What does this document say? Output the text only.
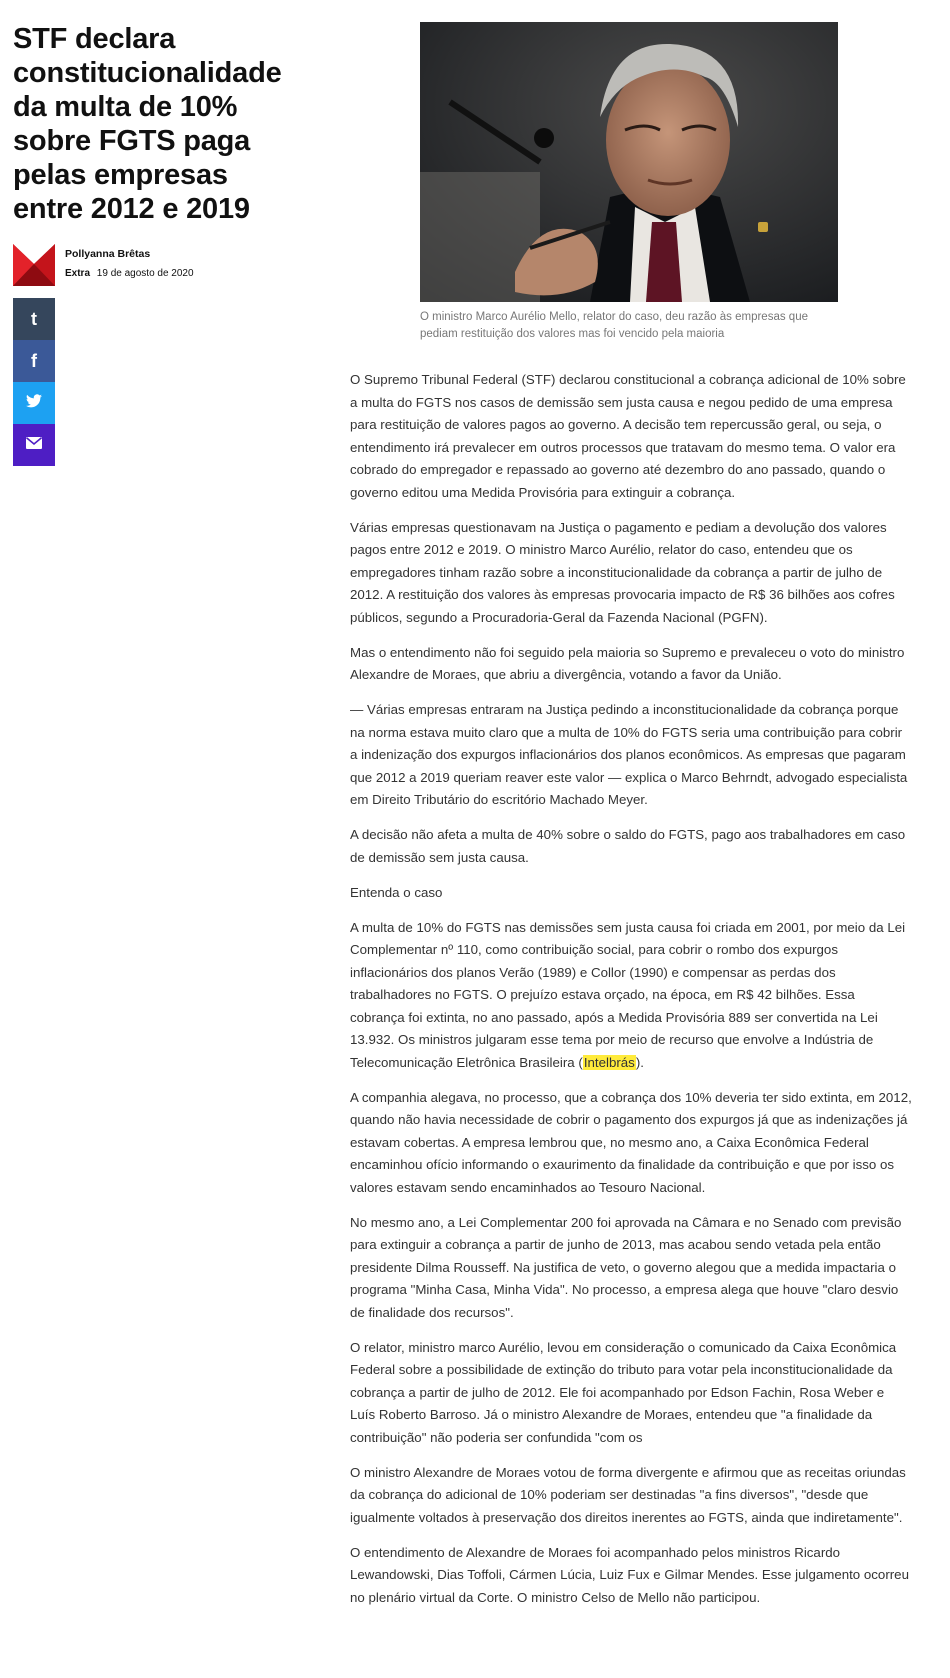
STF declara constitucionalidade da multa de 10% sobre FGTS paga pelas empresas entre 2012 e 2019
Pollyanna Brêtas
Extra 19 de agosto de 2020
t
f

O ministro Marco Aurélio Mello, relator do caso, deu razão às empresas que pediam restituição dos valores mas foi vencido pela maioria

O Supremo Tribunal Federal (STF) declarou constitucional a cobrança adicional de 10% sobre a multa do FGTS nos casos de demissão sem justa causa e negou pedido de uma empresa para restituição de valores pagos ao governo. A decisão tem repercussão geral, ou seja, o entendimento irá prevalecer em outros processos que tratavam do mesmo tema. O valor era cobrado do empregador e repassado ao governo até dezembro do ano passado, quando o governo editou uma Medida Provisória para extinguir a cobrança.

Várias empresas questionavam na Justiça o pagamento e pediam a devolução dos valores pagos entre 2012 e 2019. O ministro Marco Aurélio, relator do caso, entendeu que os empregadores tinham razão sobre a inconstitucionalidade da cobrança a partir de julho de 2012. A restituição dos valores às empresas provocaria impacto de R$ 36 bilhões aos cofres públicos, segundo a Procuradoria-Geral da Fazenda Nacional (PGFN).

Mas o entendimento não foi seguido pela maioria so Supremo e prevaleceu o voto do ministro Alexandre de Moraes, que abriu a divergência, votando a favor da União.

— Várias empresas entraram na Justiça pedindo a inconstitucionalidade da cobrança porque na norma estava muito claro que a multa de 10% do FGTS seria uma contribuição para cobrir a indenização dos expurgos inflacionários dos planos econômicos. As empresas que pagaram que 2012 a 2019 queriam reaver este valor — explica o Marco Behrndt, advogado especialista em Direito Tributário do escritório Machado Meyer.

A decisão não afeta a multa de 40% sobre o saldo do FGTS, pago aos trabalhadores em caso de demissão sem justa causa.

Entenda o caso

A multa de 10% do FGTS nas demissões sem justa causa foi criada em 2001, por meio da Lei Complementar nº 110, como contribuição social, para cobrir o rombo dos expurgos inflacionários dos planos Verão (1989) e Collor (1990) e compensar as perdas dos trabalhadores no FGTS. O prejuízo estava orçado, na época, em R$ 42 bilhões. Essa cobrança foi extinta, no ano passado, após a Medida Provisória 889 ser convertida na Lei 13.932. Os ministros julgaram esse tema por meio de recurso que envolve a Indústria de Telecomunicação Eletrônica Brasileira (Intelbrás).

A companhia alegava, no processo, que a cobrança dos 10% deveria ter sido extinta, em 2012, quando não havia necessidade de cobrir o pagamento dos expurgos já que as indenizações já estavam cobertas. A empresa lembrou que, no mesmo ano, a Caixa Econômica Federal encaminhou ofício informando o exaurimento da finalidade da contribuição e que por isso os valores estavam sendo encaminhados ao Tesouro Nacional.

No mesmo ano, a Lei Complementar 200 foi aprovada na Câmara e no Senado com previsão para extinguir a cobrança a partir de junho de 2013, mas acabou sendo vetada pela então presidente Dilma Rousseff. Na justifica de veto, o governo alegou que a medida impactaria o programa "Minha Casa, Minha Vida". No processo, a empresa alega que houve "claro desvio de finalidade dos recursos".

O relator, ministro marco Aurélio, levou em consideração o comunicado da Caixa Econômica Federal sobre a possibilidade de extinção do tributo para votar pela inconstitucionalidade da cobrança a partir de julho de 2012. Ele foi acompanhado por Edson Fachin, Rosa Weber e Luís Roberto Barroso. Já o ministro Alexandre de Moraes, entendeu que "a finalidade da contribuição" não poderia ser confundida "com os

O ministro Alexandre de Moraes votou de forma divergente e afirmou que as receitas oriundas da cobrança do adicional de 10% poderiam ser destinadas "a fins diversos", "desde que igualmente voltados à preservação dos direitos inerentes ao FGTS, ainda que indiretamente".

O entendimento de Alexandre de Moraes foi acompanhado pelos ministros Ricardo Lewandowski, Dias Toffoli, Cármen Lúcia, Luiz Fux e Gilmar Mendes. Esse julgamento ocorreu no plenário virtual da Corte. O ministro Celso de Mello não participou.
